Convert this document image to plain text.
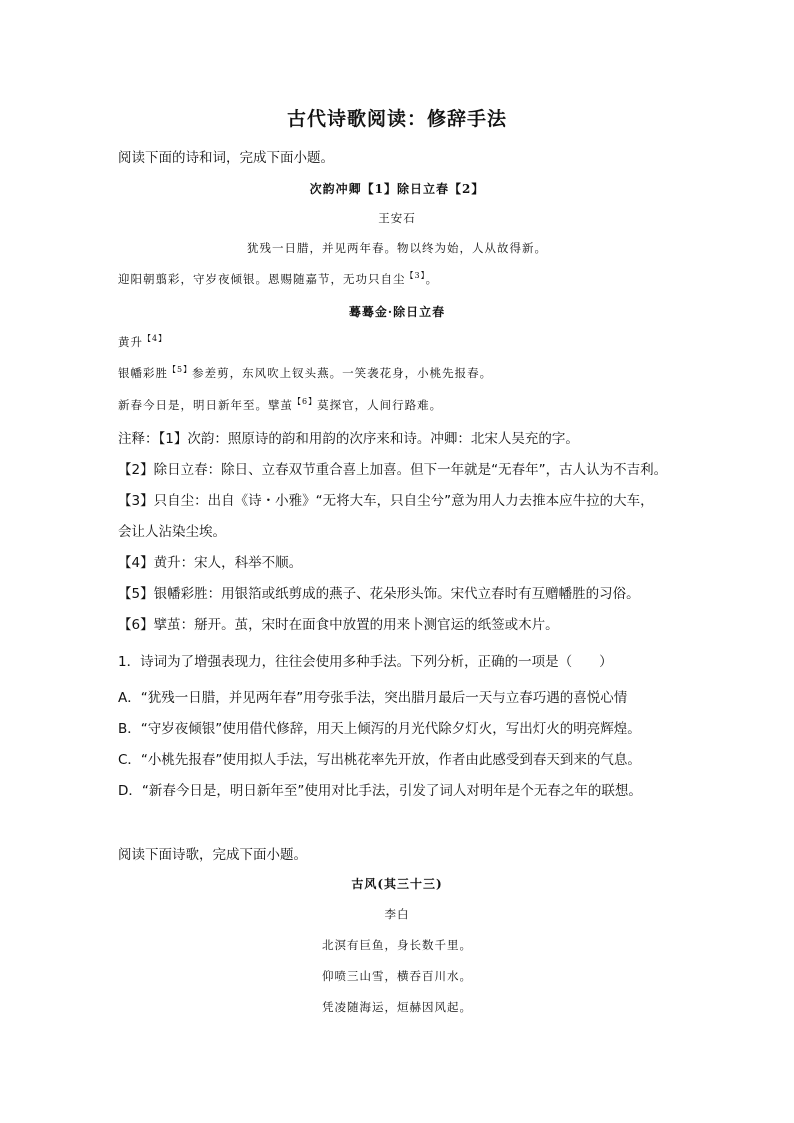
古代诗歌阅读：修辞手法
阅读下面的诗和词，完成下面小题。
次韵冲卿【1】除日立春【2】
王安石
犹残一日腊，并见两年春。物以终为始，人从故得新。
迎阳朝翦彩，守岁夜倾银。恩赐随嘉节，无功只自尘$^{【3】}$。
蓦蓦金·除日立春
黄升$^{【4】}$
银幡彩胜$^{【5】}$参差剪，东风吹上钗头燕。一笑袭花身，小桃先报春。
新春今日是，明日新年至。擘茧$^{【6】}$莫探官，人间行路难。
注释：【1】次韵：照原诗的韵和用韵的次序来和诗。冲卿：北宋人吴充的字。
【2】除日立春：除日、立春双节重合喜上加喜。但下一年就是“无春年”，古人认为不吉利。
【3】只自尘：出自《诗・小雅》“无将大车，只自尘兮”意为用人力去推本应牛拉的大车，
会让人沾染尘埃。
【4】黄升：宋人，科举不顺。
【5】银幡彩胜：用银箔或纸剪成的燕子、花朵形头饰。宋代立春时有互赠幡胜的习俗。
【6】擘茧：掰开。茧，宋时在面食中放置的用来卜测官运的纸签或木片。
1．诗词为了增强表现力，往往会使用多种手法。下列分析，正确的一项是（　　）
A．“犹残一日腊，并见两年春”用夸张手法，突出腊月最后一天与立春巧遇的喜悦心情
B．“守岁夜倾银”使用借代修辞，用天上倾泻的月光代除夕灯火，写出灯火的明亮辉煌。
C．“小桃先报春”使用拟人手法，写出桃花率先开放，作者由此感受到春天到来的气息。
D．“新春今日是，明日新年至”使用对比手法，引发了词人对明年是个无春之年的联想。
阅读下面诗歌，完成下面小题。
古风(其三十三)
李白
北溟有巨鱼，身长数千里。
仰喷三山雪，横吞百川水。
凭凌随海运，烜赫因风起。
